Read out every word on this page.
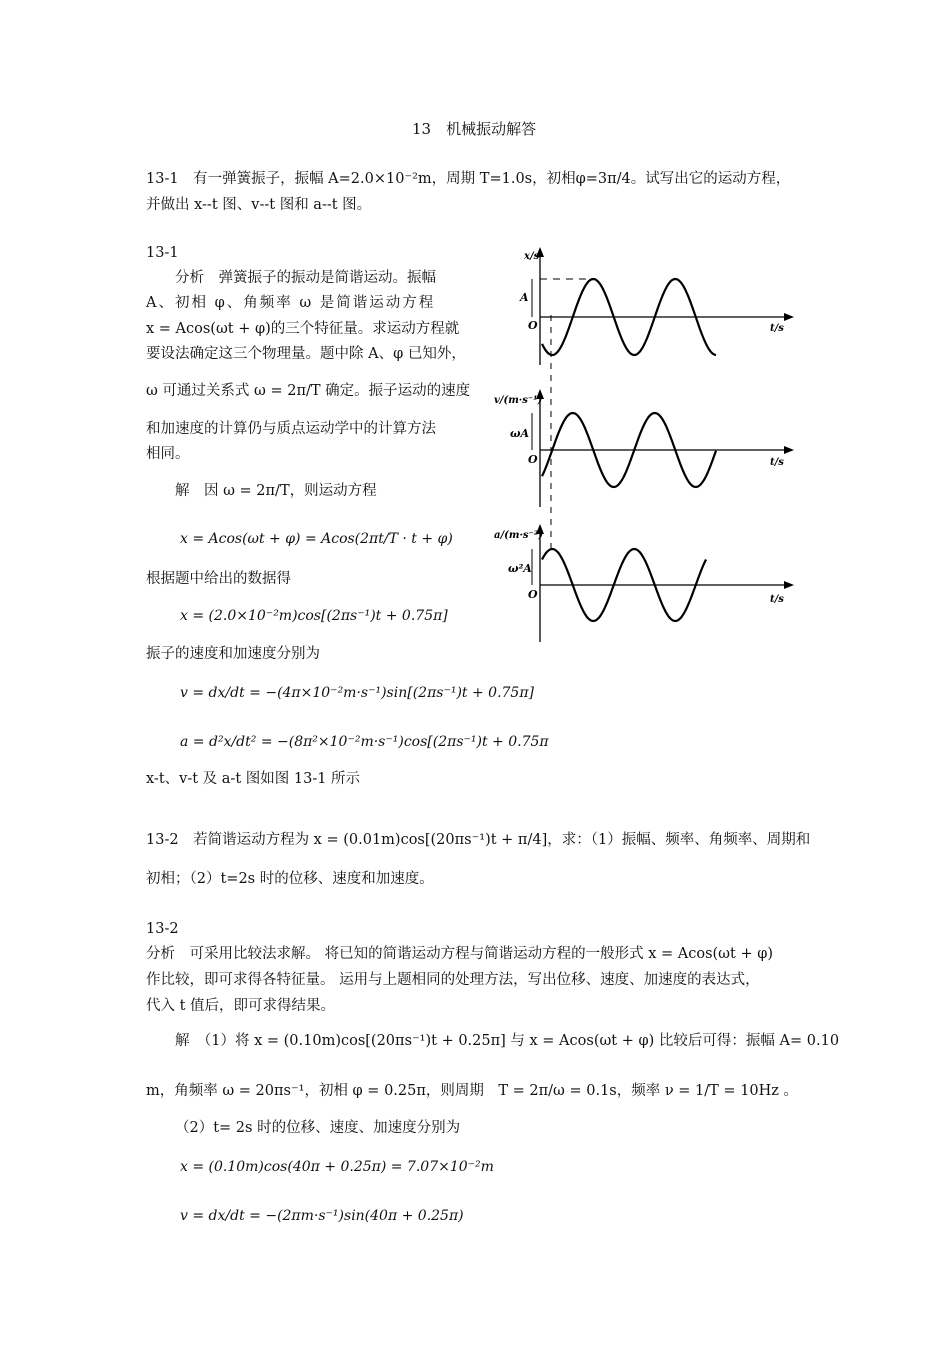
13　机械振动解答
13-1　有一弹簧振子，振幅 A=2.0×10⁻²m，周期 T=1.0s，初相φ=3π/4。试写出它的运动方程，
并做出 x--t 图、v--t 图和 a--t 图。
13-1
分析　弹簧振子的振动是简谐运动。振幅
A、初相 φ、角频率 ω 是简谐运动方程
x = Acos(ωt + φ)的三个特征量。求运动方程就
要设法确定这三个物理量。题中除 A、φ 已知外，
ω 可通过关系式 ω = 2π/T 确定。振子运动的速度
和加速度的计算仍与质点运动学中的计算方法
相同。
解　因 ω = 2π/T，则运动方程
x = Acos(ωt + φ) = Acos(2πt/T · t + φ)
根据题中给出的数据得
x = (2.0×10⁻²m)cos[(2πs⁻¹)t + 0.75π]
振子的速度和加速度分别为
v = dx/dt = −(4π×10⁻²m·s⁻¹)sin[(2πs⁻¹)t + 0.75π]
a = d²x/dt² = −(8π²×10⁻²m·s⁻¹)cos[(2πs⁻¹)t + 0.75π
x-t、v-t 及 a-t 图如图 13-1 所示
13-2　若简谐运动方程为 x = (0.01m)cos[(20πs⁻¹)t + π/4]，求：（1）振幅、频率、角频率、周期和
初相；（2）t=2s 时的位移、速度和加速度。
13-2
分析　可采用比较法求解。 将已知的简谐运动方程与简谐运动方程的一般形式 x = Acos(ωt + φ)
作比较，即可求得各特征量。 运用与上题相同的处理方法，写出位移、速度、加速度的表达式，
代入 t 值后，即可求得结果。
解　（1）将 x = (0.10m)cos[(20πs⁻¹)t + 0.25π] 与 x = Acos(ωt + φ) 比较后可得：振幅 A= 0.10
m，角频率 ω = 20πs⁻¹，初相 φ = 0.25π，则周期　T = 2π/ω = 0.1s，频率 ν = 1/T = 10Hz 。
（2）t= 2s 时的位移、速度、加速度分别为
x = (0.10m)cos(40π + 0.25π) = 7.07×10⁻²m
v = dx/dt = −(2πm·s⁻¹)sin(40π + 0.25π)
x/s
A
O	t/s
v/(m·s⁻¹)
ωA
O	t/s
a/(m·s⁻²)
ω²A
O	t/s
